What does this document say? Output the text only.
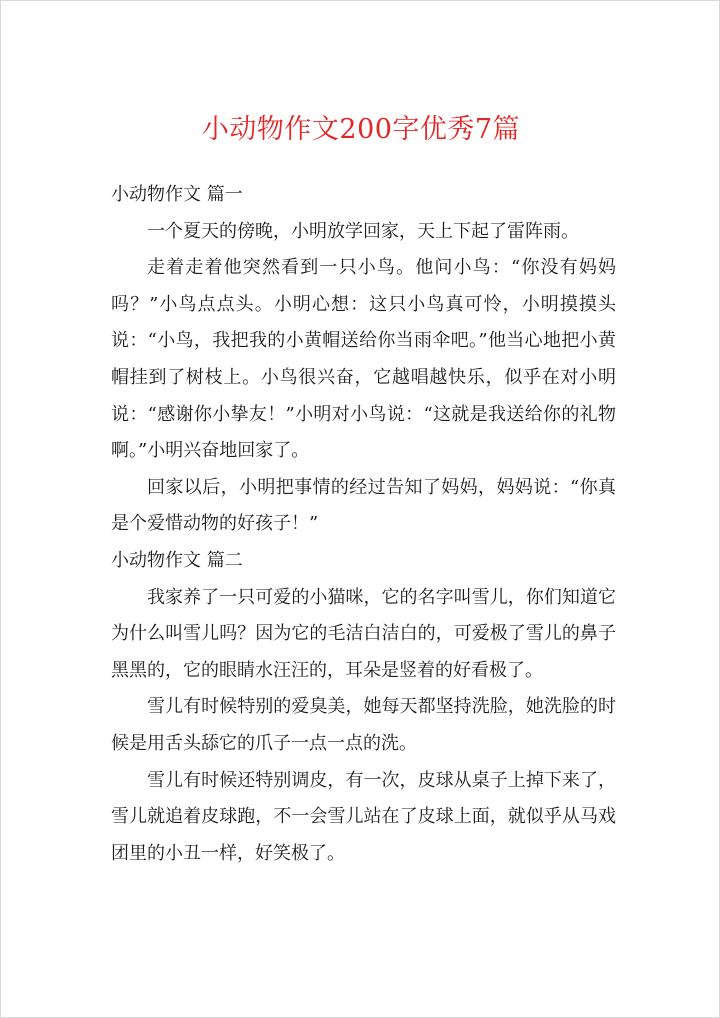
小动物作文200字优秀7篇
小动物作文 篇一

一个夏天的傍晚，小明放学回家，天上下起了雷阵雨。

走着走着他突然看到一只小鸟。他问小鸟：“你没有妈妈吗？”小鸟点点头。小明心想：这只小鸟真可怜，小明摸摸头说：“小鸟，我把我的小黄帽送给你当雨伞吧。”他当心地把小黄帽挂到了树枝上。小鸟很兴奋，它越唱越快乐，似乎在对小明说：“感谢你小挚友！”小明对小鸟说：“这就是我送给你的礼物啊。”小明兴奋地回家了。

回家以后，小明把事情的经过告知了妈妈，妈妈说：“你真是个爱惜动物的好孩子！”

小动物作文 篇二

我家养了一只可爱的小猫咪，它的名字叫雪儿，你们知道它为什么叫雪儿吗？因为它的毛洁白洁白的，可爱极了雪儿的鼻子黑黑的，它的眼睛水汪汪的，耳朵是竖着的好看极了。

雪儿有时候特别的爱臭美，她每天都坚持洗脸，她洗脸的时候是用舌头舔它的爪子一点一点的洗。

雪儿有时候还特别调皮，有一次，皮球从桌子上掉下来了，雪儿就追着皮球跑，不一会雪儿站在了皮球上面，就似乎从马戏团里的小丑一样，好笑极了。
